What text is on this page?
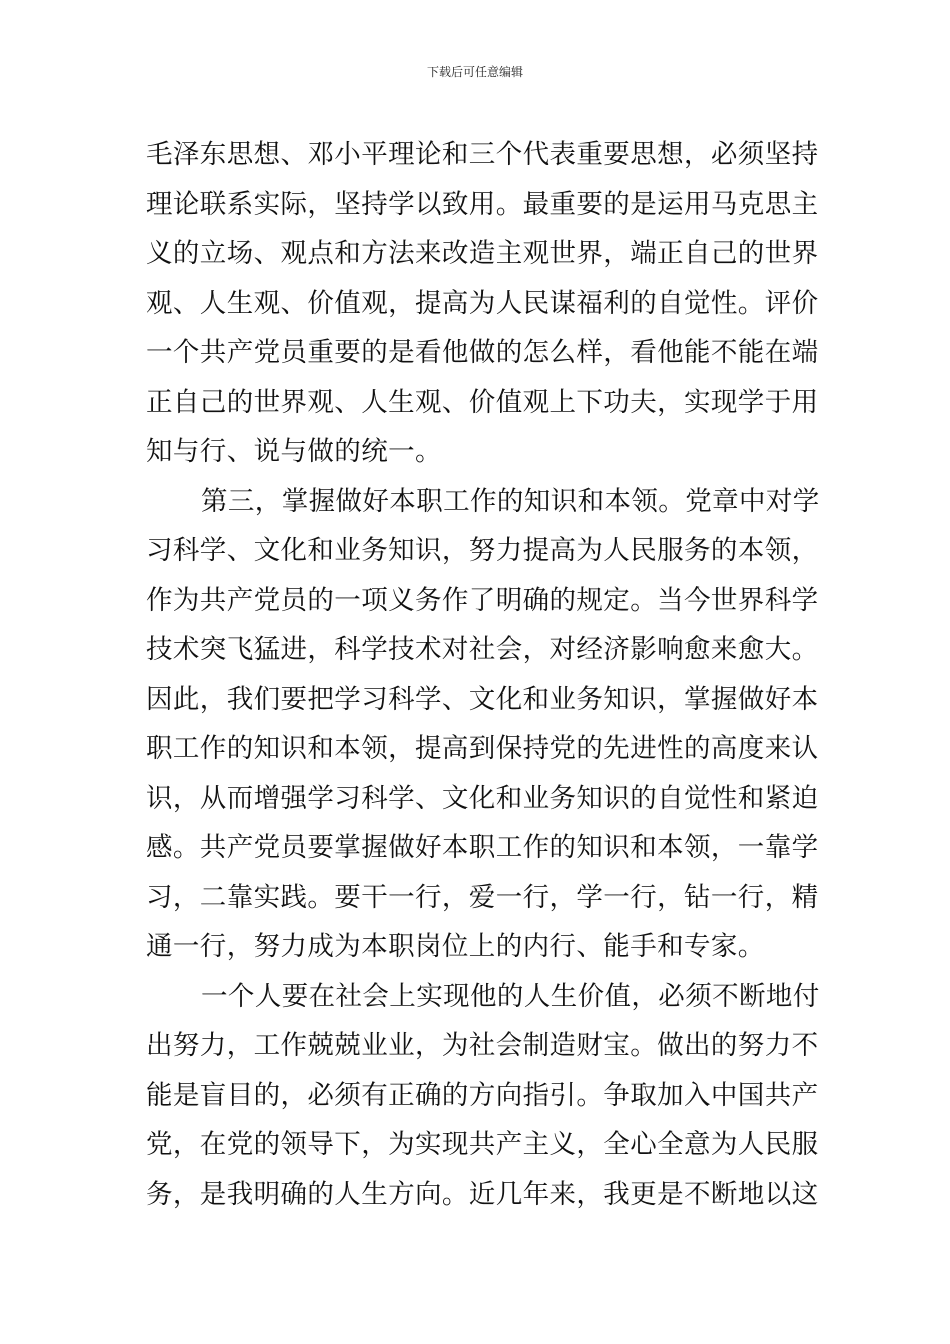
下载后可任意编辑
毛泽东思想、邓小平理论和三个代表重要思想，必须坚持
理论联系实际，坚持学以致用。最重要的是运用马克思主
义的立场、观点和方法来改造主观世界，端正自己的世界
观、人生观、价值观，提高为人民谋福利的自觉性。评价
一个共产党员重要的是看他做的怎么样，看他能不能在端
正自己的世界观、人生观、价值观上下功夫，实现学于用
知与行、说与做的统一。
第三，掌握做好本职工作的知识和本领。党章中对学
习科学、文化和业务知识，努力提高为人民服务的本领，
作为共产党员的一项义务作了明确的规定。当今世界科学
技术突飞猛进，科学技术对社会，对经济影响愈来愈大。
因此，我们要把学习科学、文化和业务知识，掌握做好本
职工作的知识和本领，提高到保持党的先进性的高度来认
识，从而增强学习科学、文化和业务知识的自觉性和紧迫
感。共产党员要掌握做好本职工作的知识和本领，一靠学
习，二靠实践。要干一行，爱一行，学一行，钻一行，精
通一行，努力成为本职岗位上的内行、能手和专家。
一个人要在社会上实现他的人生价值，必须不断地付
出努力，工作兢兢业业，为社会制造财宝。做出的努力不
能是盲目的，必须有正确的方向指引。争取加入中国共产
党，在党的领导下，为实现共产主义，全心全意为人民服
务，是我明确的人生方向。近几年来，我更是不断地以这
